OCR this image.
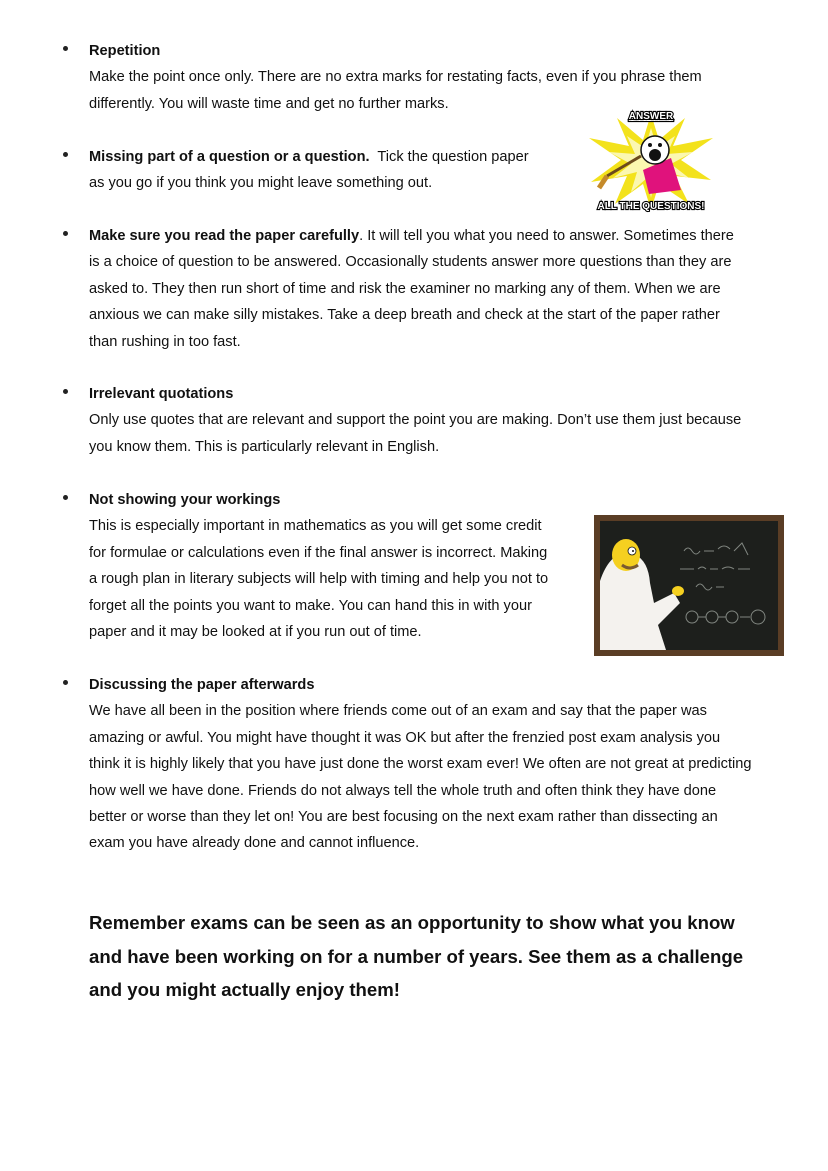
Repetition

Make the point once only. There are no extra marks for restating facts, even if you phrase them

differently. You will waste time and get no further marks.

ANSWER
ALL THE QUESTIONS!

Missing part of a question or a question. Tick the question paper

as you go if you think you might leave something out.

Make sure you read the paper carefully. It will tell you what you need to answer. Sometimes there

is a choice of question to be answered. Occasionally students answer more questions than they are

asked to. They then run short of time and risk the examiner no marking any of them. When we are

anxious we can make silly mistakes. Take a deep breath and check at the start of the paper rather

than rushing in too fast.

Irrelevant quotations

Only use quotes that are relevant and support the point you are making. Don’t use them just because

you know them. This is particularly relevant in English.

Not showing your workings

This is especially important in mathematics as you will get some credit

for formulae or calculations even if the final answer is incorrect. Making

a rough plan in literary subjects will help with timing and help you not to

forget all the points you want to make. You can hand this in with your

paper and it may be looked at if you run out of time.

Discussing the paper afterwards

We have all been in the position where friends come out of an exam and say that the paper was

amazing or awful. You might have thought it was OK but after the frenzied post exam analysis you

think it is highly likely that you have just done the worst exam ever! We often are not great at predicting

how well we have done. Friends do not always tell the whole truth and often think they have done

better or worse than they let on! You are best focusing on the next exam rather than dissecting an

exam you have already done and cannot influence.

Remember exams can be seen as an opportunity to show what you know
and have been working on for a number of years. See them as a challenge
and you might actually enjoy them!
